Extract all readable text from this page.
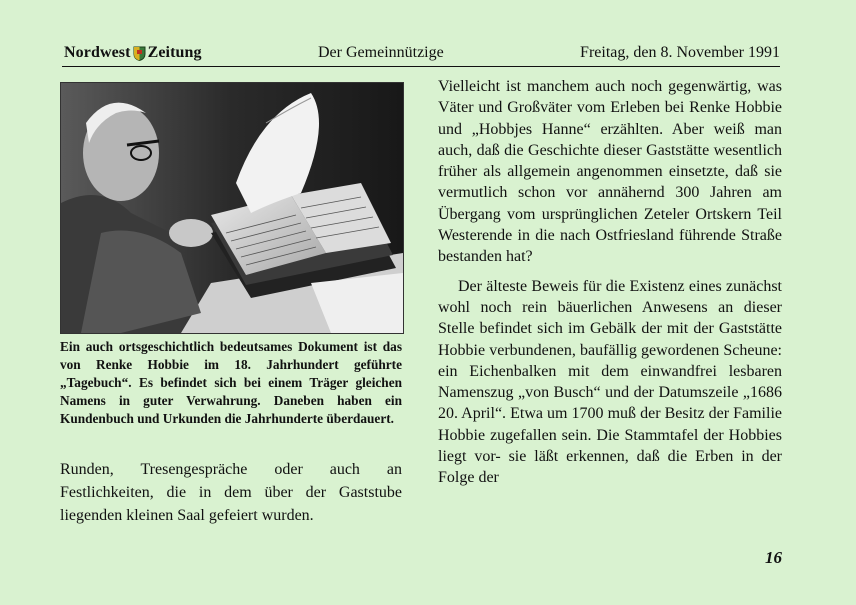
Nordwest Zeitung	Der Gemeinnützige	Freitag, den 8. November 1991

Ein auch ortsgeschichtlich bedeutsames Dokument ist das von Renke Hobbie im 18. Jahrhundert geführte „Tagebuch“. Es befindet sich bei einem Träger gleichen Namens in guter Verwahrung. Daneben haben ein Kundenbuch und Urkunden die Jahrhunderte überdauert.

Runden, Tresengespräche oder auch an Festlichkeiten, die in dem über der Gaststube liegenden kleinen Saal gefeiert wurden.

Vielleicht ist manchem auch noch gegenwärtig, was Väter und Großväter vom Erleben bei Renke Hobbie und „Hobbjes Hanne“ erzählten. Aber weiß man auch, daß die Geschichte dieser Gaststätte wesentlich früher als allgemein angenommen einsetzte, daß sie vermutlich schon vor annähernd 300 Jahren am Übergang vom ursprünglichen Zeteler Ortskern Teil Westerende in die nach Ostfriesland führende Straße bestanden hat?

Der älteste Beweis für die Existenz eines zunächst wohl noch rein bäuerlichen Anwesens an dieser Stelle befindet sich im Gebälk der mit der Gaststätte Hobbie verbundenen, baufällig gewordenen Scheune: ein Eichenbalken mit dem einwandfrei lesbaren Namenszug „von Busch“ und der Datumszeile „1686 20. April“. Etwa um 1700 muß der Besitz der Familie Hobbie zugefallen sein. Die Stammtafel der Hobbies liegt vor- sie läßt erkennen, daß die Erben in der Folge der

16
